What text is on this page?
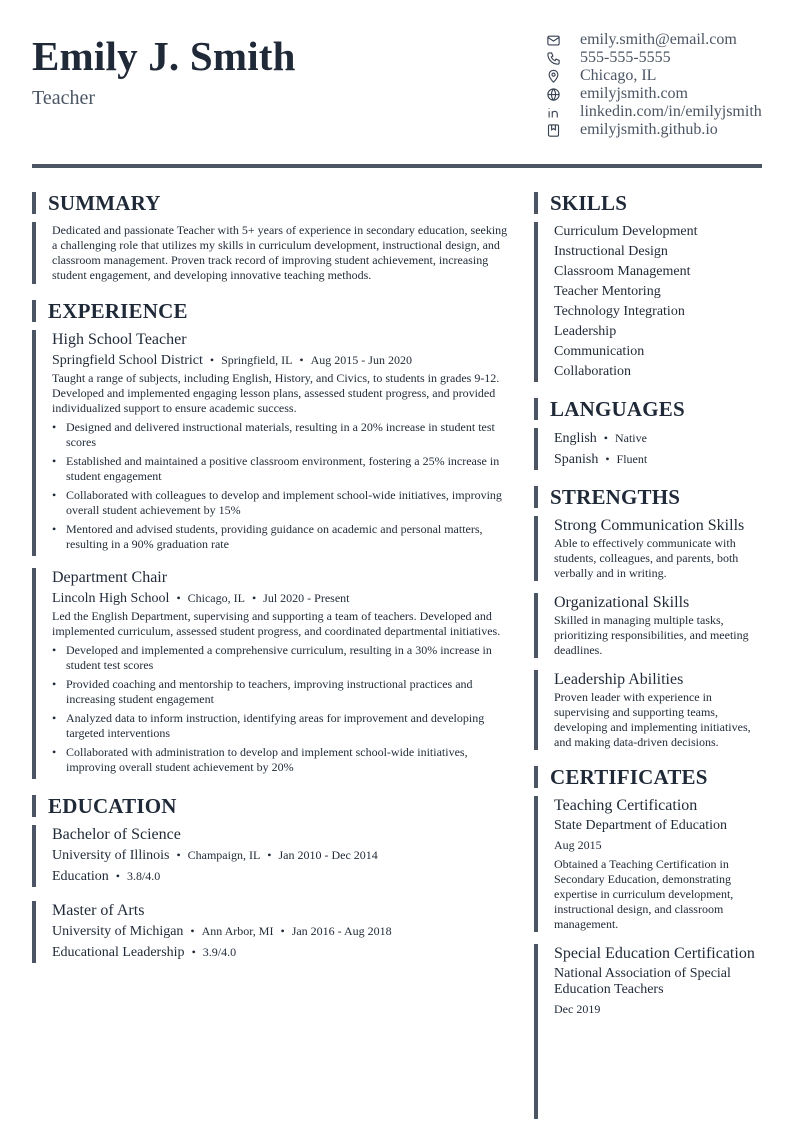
Emily J. Smith
Teacher
emily.smith@email.com
555-555-5555
Chicago, IL
emilyjsmith.com
linkedin.com/in/emilyjsmith
emilyjsmith.github.io
SUMMARY
Dedicated and passionate Teacher with 5+ years of experience in secondary education, seeking a challenging role that utilizes my skills in curriculum development, instructional design, and classroom management. Proven track record of improving student achievement, increasing student engagement, and developing innovative teaching methods.
EXPERIENCE
High School Teacher
Springfield School District • Springfield, IL • Aug 2015 - Jun 2020
Taught a range of subjects, including English, History, and Civics, to students in grades 9-12. Developed and implemented engaging lesson plans, assessed student progress, and provided individualized support to ensure academic success.
• Designed and delivered instructional materials, resulting in a 20% increase in student test scores
• Established and maintained a positive classroom environment, fostering a 25% increase in student engagement
• Collaborated with colleagues to develop and implement school-wide initiatives, improving overall student achievement by 15%
• Mentored and advised students, providing guidance on academic and personal matters, resulting in a 90% graduation rate
Department Chair
Lincoln High School • Chicago, IL • Jul 2020 - Present
Led the English Department, supervising and supporting a team of teachers. Developed and implemented curriculum, assessed student progress, and coordinated departmental initiatives.
• Developed and implemented a comprehensive curriculum, resulting in a 30% increase in student test scores
• Provided coaching and mentorship to teachers, improving instructional practices and increasing student engagement
• Analyzed data to inform instruction, identifying areas for improvement and developing targeted interventions
• Collaborated with administration to develop and implement school-wide initiatives, improving overall student achievement by 20%
EDUCATION
Bachelor of Science
University of Illinois • Champaign, IL • Jan 2010 - Dec 2014
Education • 3.8/4.0
Master of Arts
University of Michigan • Ann Arbor, MI • Jan 2016 - Aug 2018
Educational Leadership • 3.9/4.0
SKILLS
Curriculum Development
Instructional Design
Classroom Management
Teacher Mentoring
Technology Integration
Leadership
Communication
Collaboration
LANGUAGES
English • Native
Spanish • Fluent
STRENGTHS
Strong Communication Skills
Able to effectively communicate with students, colleagues, and parents, both verbally and in writing.
Organizational Skills
Skilled in managing multiple tasks, prioritizing responsibilities, and meeting deadlines.
Leadership Abilities
Proven leader with experience in supervising and supporting teams, developing and implementing initiatives, and making data-driven decisions.
CERTIFICATES
Teaching Certification
State Department of Education
Aug 2015
Obtained a Teaching Certification in Secondary Education, demonstrating expertise in curriculum development, instructional design, and classroom management.
Special Education Certification
National Association of Special Education Teachers
Dec 2019
